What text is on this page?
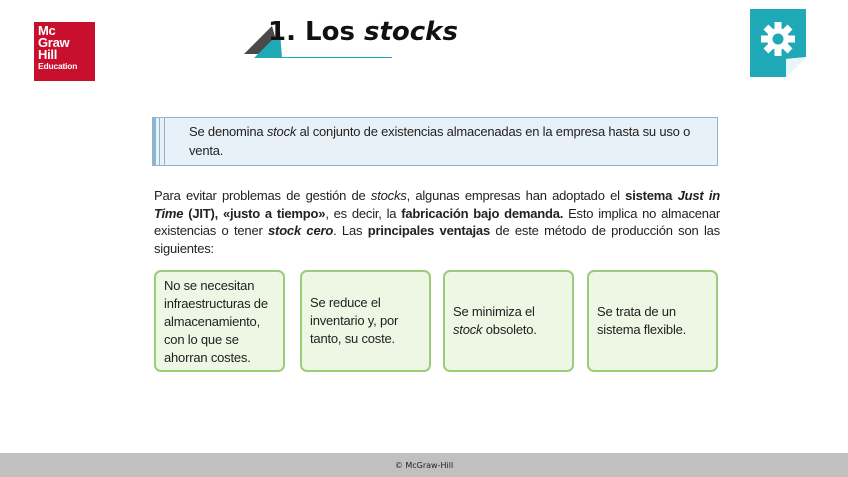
Mc
Graw
Hill
Education
1. Los stocks

Se denomina stock al conjunto de existencias almacenadas en la empresa hasta su uso o venta.

Para evitar problemas de gestión de stocks, algunas empresas han adoptado el sistema Just in Time (JIT), «justo a tiempo», es decir, la fabricación bajo demanda. Esto implica no almacenar existencias o tener stock cero. Las principales ventajas de este método de producción son las siguientes:

No se necesitan infraestructuras de almacenamiento, con lo que se ahorran costes.
Se reduce el inventario y, por tanto, su coste.
Se minimiza el stock obsoleto.
Se trata de un sistema flexible.
© McGraw-Hill
